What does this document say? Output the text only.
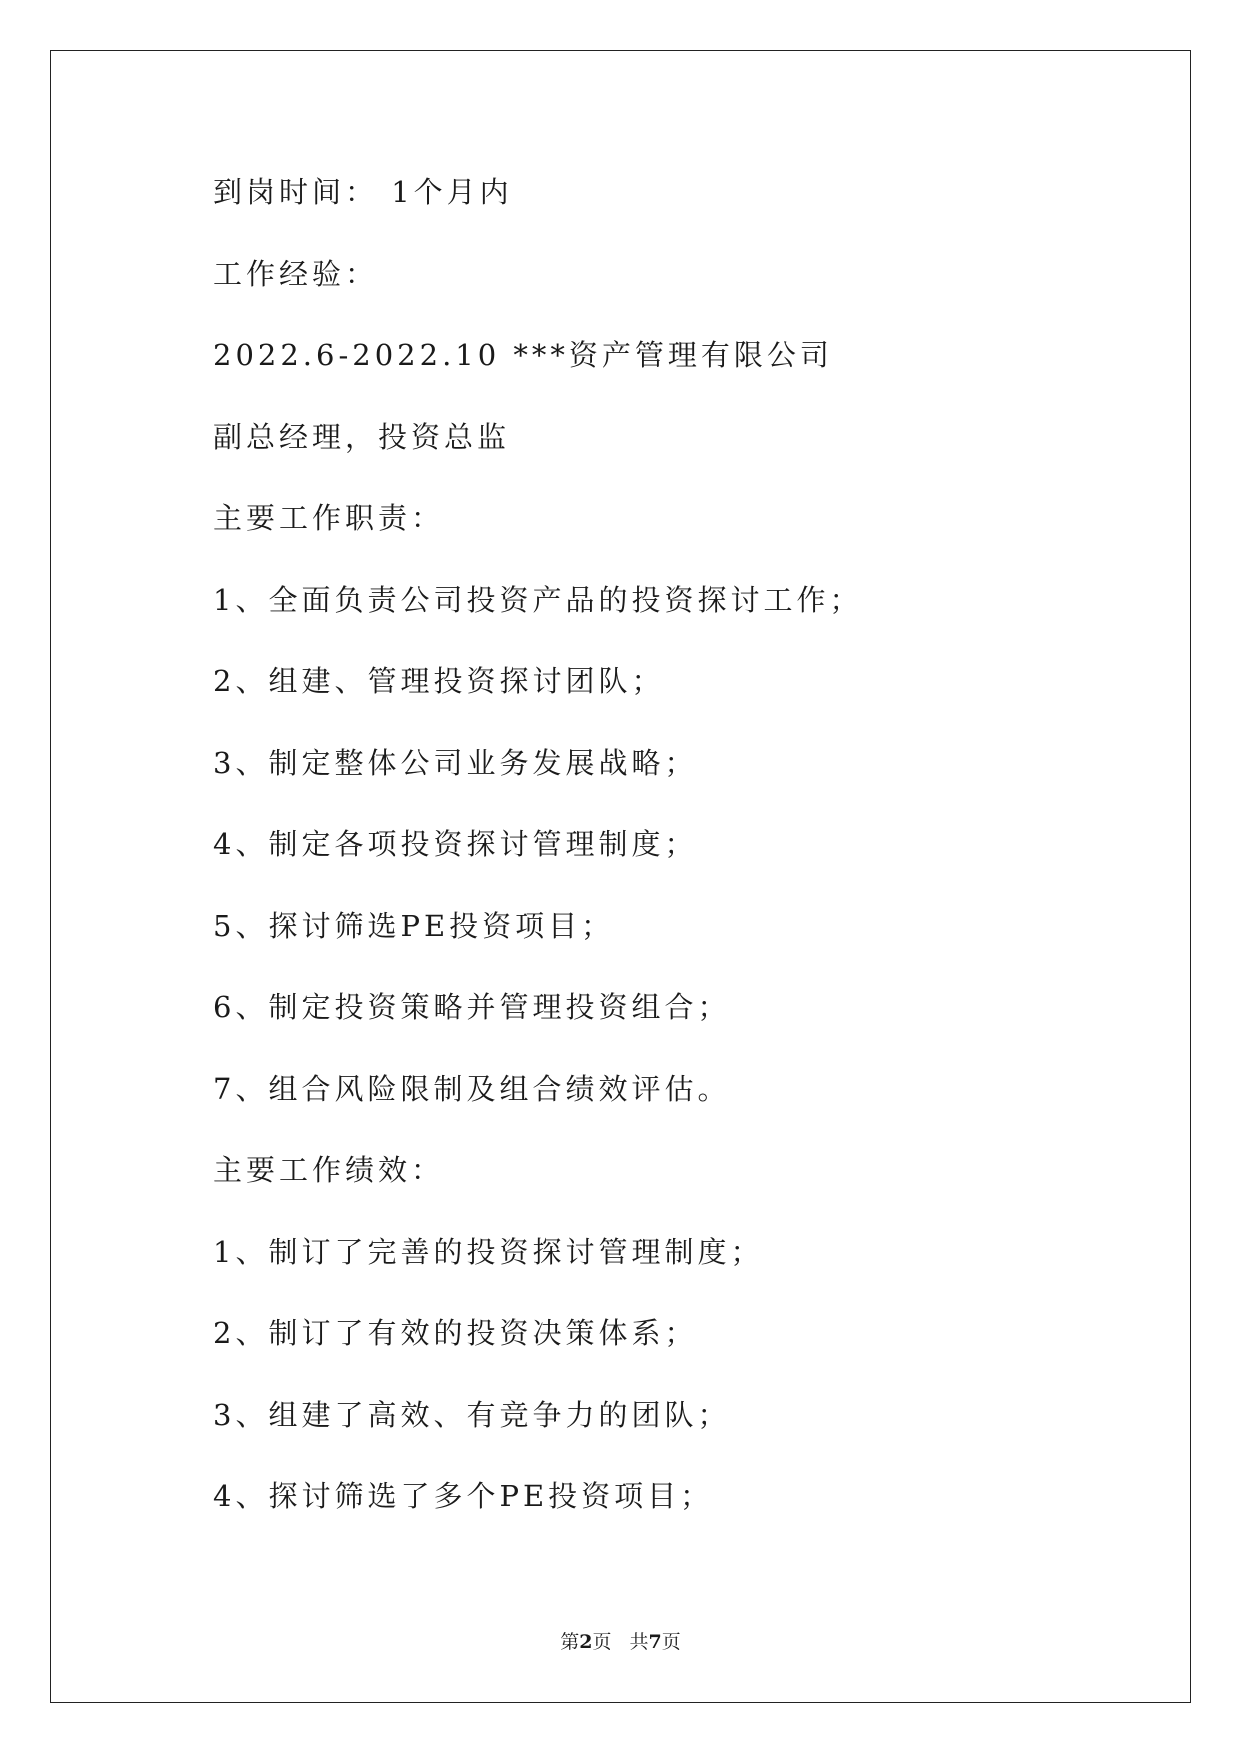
到岗时间： 1个月内
工作经验：
2022.6-2022.10 ***资产管理有限公司
副总经理，投资总监
主要工作职责：
1、全面负责公司投资产品的投资探讨工作；
2、组建、管理投资探讨团队；
3、制定整体公司业务发展战略；
4、制定各项投资探讨管理制度；
5、探讨筛选PE投资项目；
6、制定投资策略并管理投资组合；
7、组合风险限制及组合绩效评估。
主要工作绩效：
1、制订了完善的投资探讨管理制度；
2、制订了有效的投资决策体系；
3、组建了高效、有竞争力的团队；
4、探讨筛选了多个PE投资项目；
第2页 共7页
